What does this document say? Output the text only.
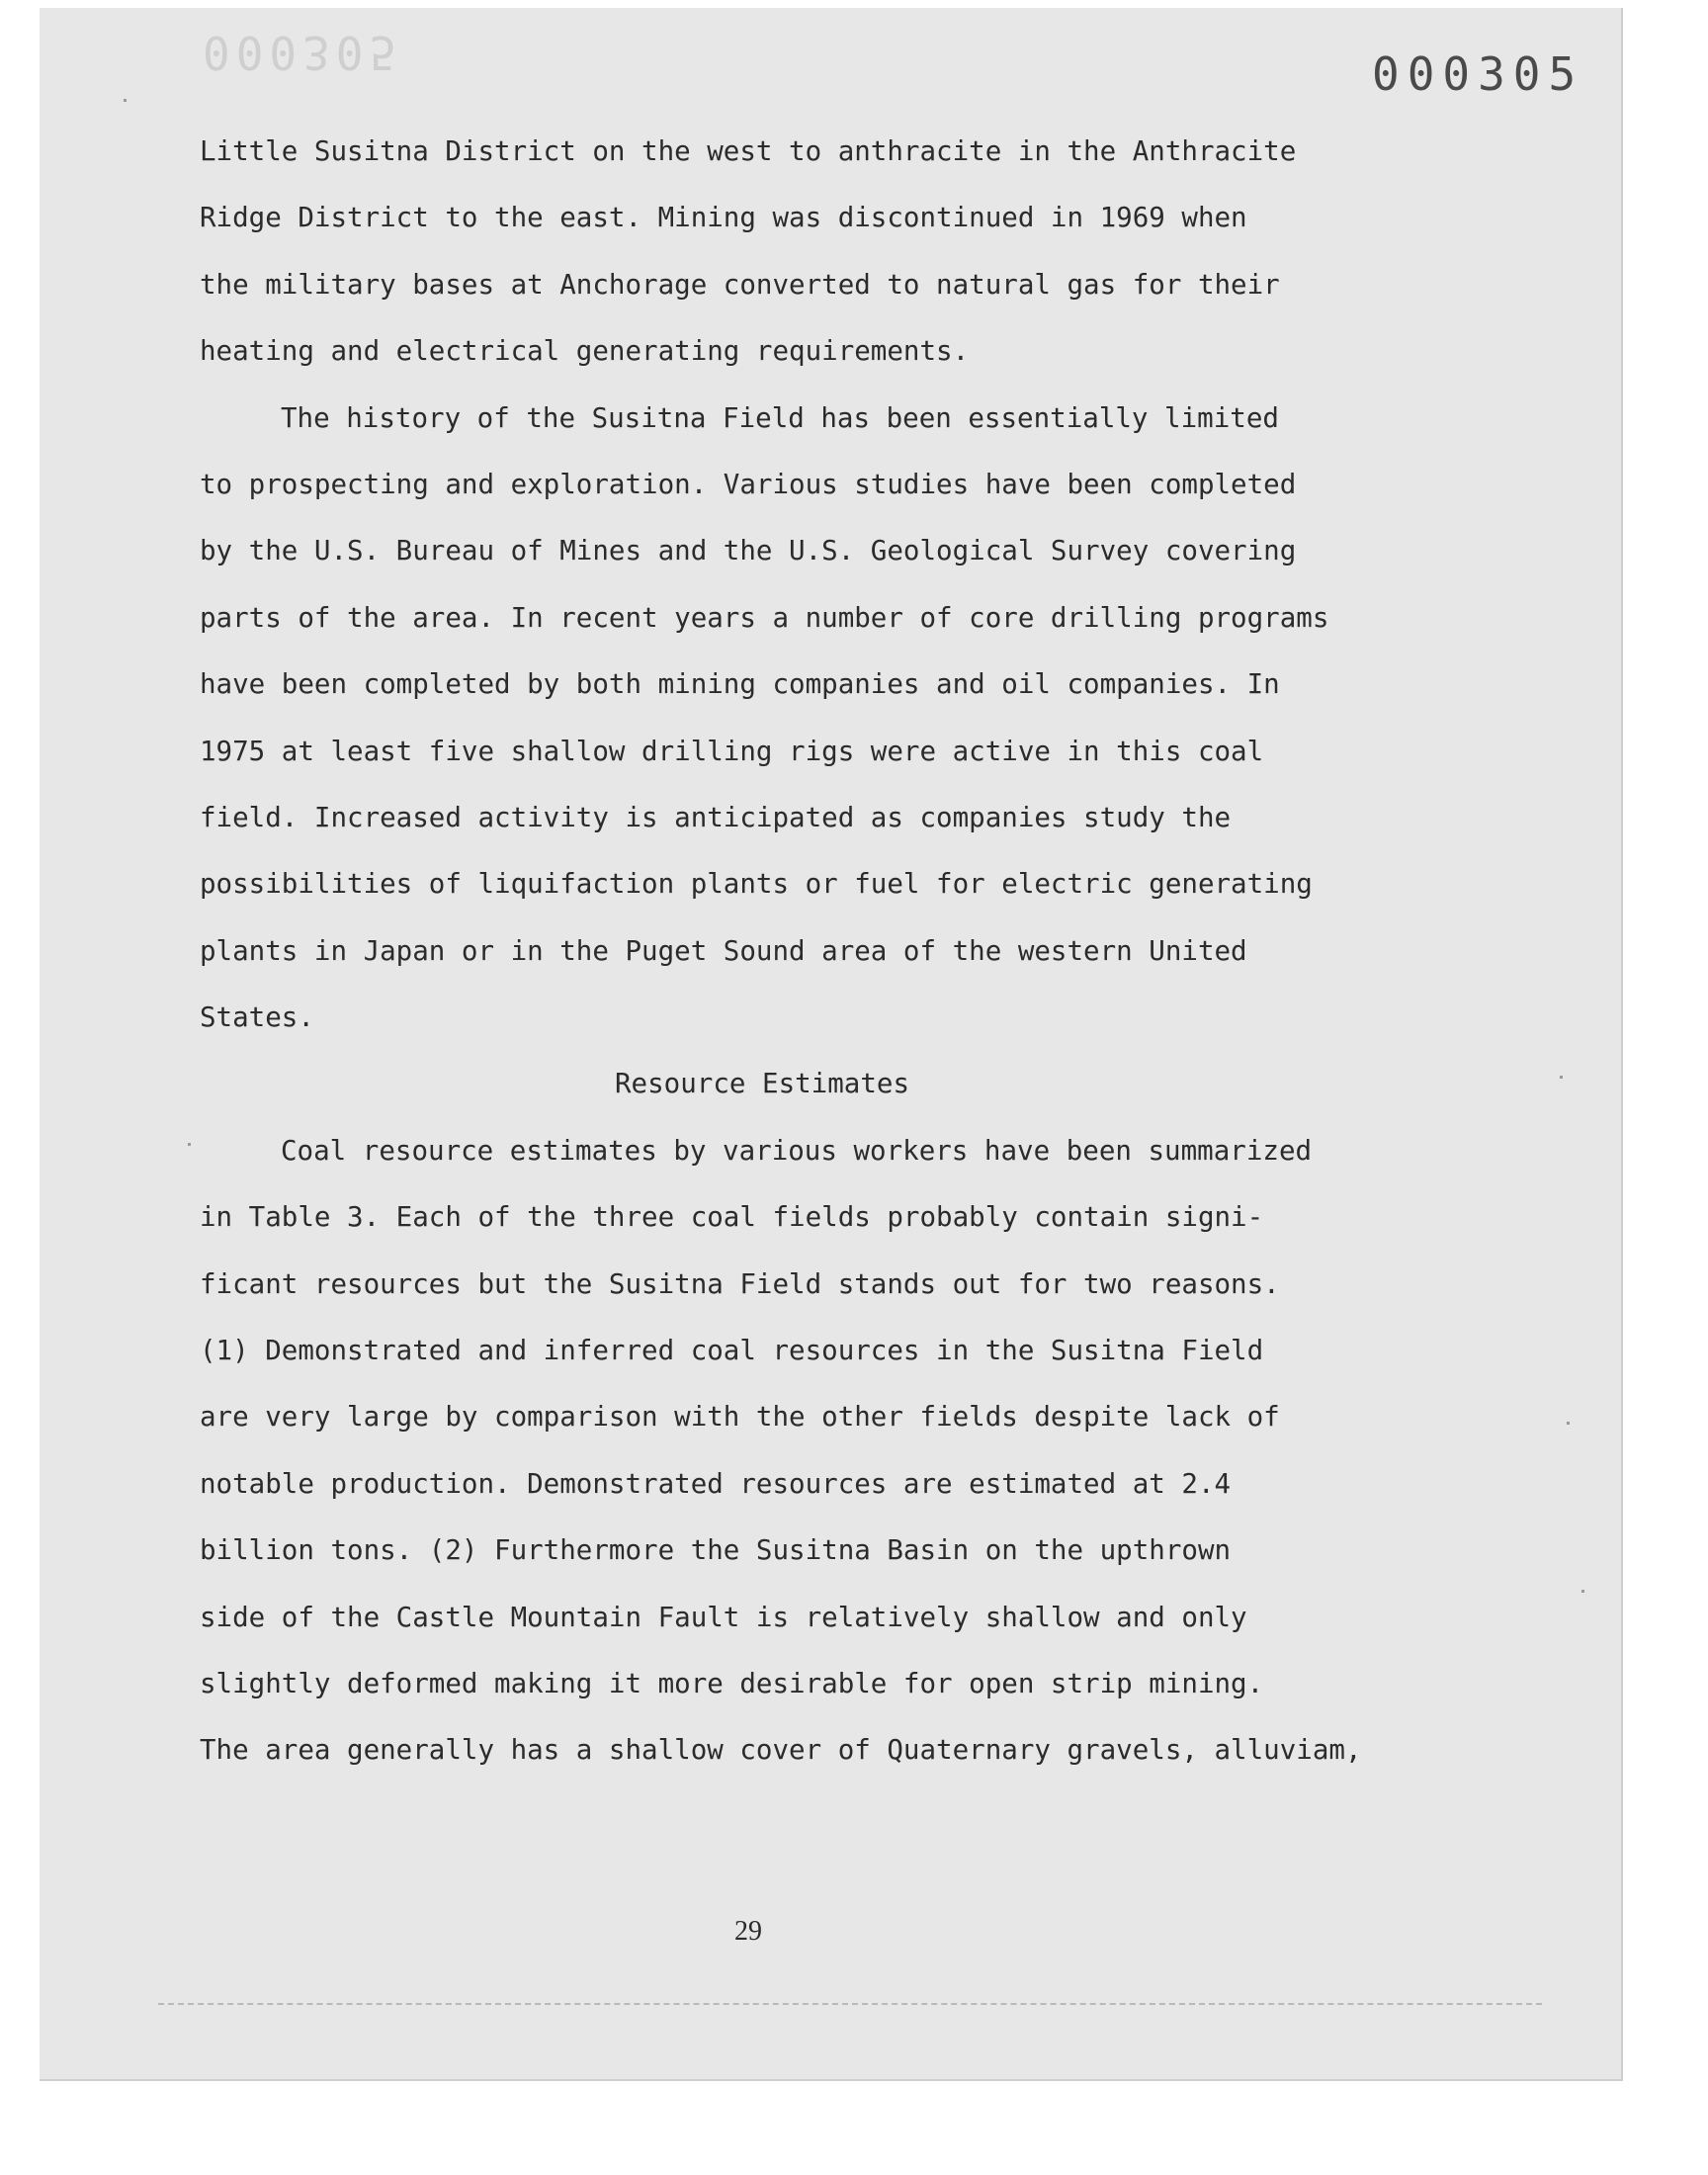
000305	000305
Little Susitna District on the west to anthracite in the Anthracite
Ridge District to the east. Mining was discontinued in 1969 when
the military bases at Anchorage converted to natural gas for their
heating and electrical generating requirements.
The history of the Susitna Field has been essentially limited
to prospecting and exploration. Various studies have been completed
by the U.S. Bureau of Mines and the U.S. Geological Survey covering
parts of the area. In recent years a number of core drilling programs
have been completed by both mining companies and oil companies. In
1975 at least five shallow drilling rigs were active in this coal
field. Increased activity is anticipated as companies study the
possibilities of liquifaction plants or fuel for electric generating
plants in Japan or in the Puget Sound area of the western United
States.
Resource Estimates
Coal resource estimates by various workers have been summarized
in Table 3. Each of the three coal fields probably contain signi-
ficant resources but the Susitna Field stands out for two reasons.
(1) Demonstrated and inferred coal resources in the Susitna Field
are very large by comparison with the other fields despite lack of
notable production. Demonstrated resources are estimated at 2.4
billion tons. (2) Furthermore the Susitna Basin on the upthrown
side of the Castle Mountain Fault is relatively shallow and only
slightly deformed making it more desirable for open strip mining.
The area generally has a shallow cover of Quaternary gravels, alluviam,
29
